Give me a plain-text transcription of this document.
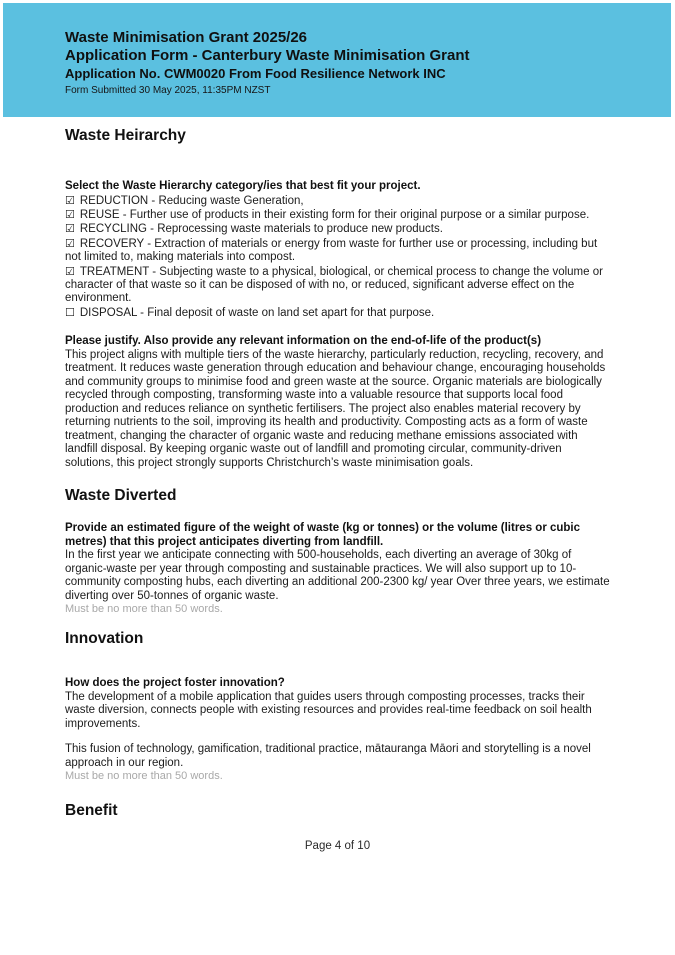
Waste Minimisation Grant 2025/26
Application Form - Canterbury Waste Minimisation Grant
Application No. CWM0020 From Food Resilience Network INC
Form Submitted 30 May 2025, 11:35PM NZST
Waste Heirarchy
Select the Waste Hierarchy category/ies that best fit your project.
☑ REDUCTION - Reducing waste Generation,
☑ REUSE - Further use of products in their existing form for their original purpose or a similar purpose.
☑ RECYCLING - Reprocessing waste materials to produce new products.
☑ RECOVERY - Extraction of materials or energy from waste for further use or processing, including but not limited to, making materials into compost.
☑ TREATMENT - Subjecting waste to a physical, biological, or chemical process to change the volume or character of that waste so it can be disposed of with no, or reduced, significant adverse effect on the environment.
☐ DISPOSAL - Final deposit of waste on land set apart for that purpose.
Please justify. Also provide any relevant information on the end-of-life of the product(s)
This project aligns with multiple tiers of the waste hierarchy, particularly reduction, recycling, recovery, and treatment. It reduces waste generation through education and behaviour change, encouraging households and community groups to minimise food and green waste at the source. Organic materials are biologically recycled through composting, transforming waste into a valuable resource that supports local food production and reduces reliance on synthetic fertilisers. The project also enables material recovery by returning nutrients to the soil, improving its health and productivity. Composting acts as a form of waste treatment, changing the character of organic waste and reducing methane emissions associated with landfill disposal. By keeping organic waste out of landfill and promoting circular, community-driven solutions, this project strongly supports Christchurch’s waste minimisation goals.
Waste Diverted
Provide an estimated figure of the weight of waste (kg or tonnes) or the volume (litres or cubic metres) that this project anticipates diverting from landfill.
In the first year we anticipate connecting with 500-households, each diverting an average of 30kg of organic-waste per year through composting and sustainable practices. We will also support up to 10-community composting hubs, each diverting an additional 200-2300 kg/ year Over three years, we estimate diverting over 50-tonnes of organic waste.
Must be no more than 50 words.
Innovation
How does the project foster innovation?
The development of a mobile application that guides users through composting processes, tracks their waste diversion, connects people with existing resources and provides real-time feedback on soil health improvements.
This fusion of technology, gamification, traditional practice, mātauranga Māori and storytelling is a novel approach in our region.
Must be no more than 50 words.
Benefit
Page 4 of 10
